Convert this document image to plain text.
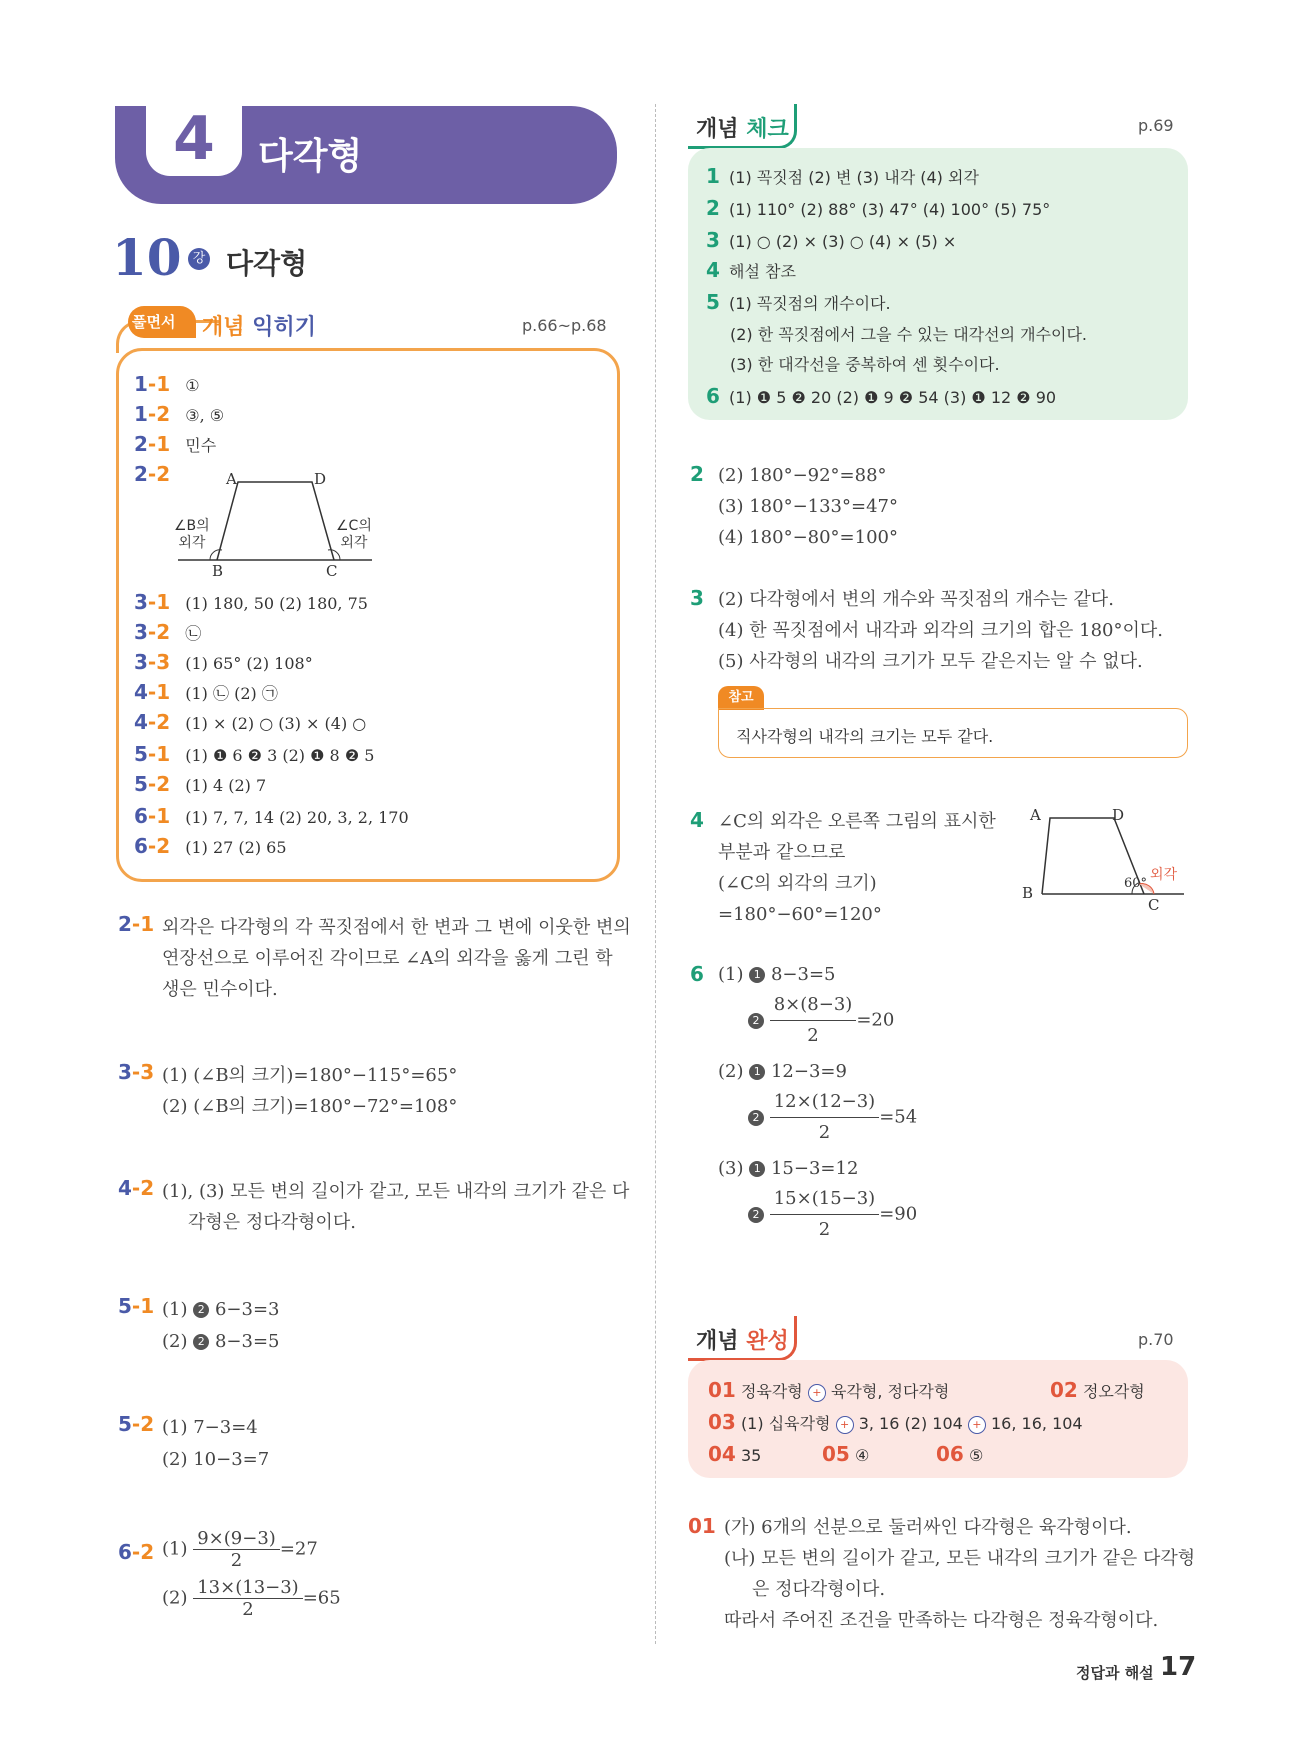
4	다각형
10 강 다각형
풀면서 개념 익히기	p.66~p.68
1-1 ①
1-2 ③, ⑤
2-1 민수
2-2
3-1 (1) 180, 50 (2) 180, 75
3-2 ㉡
3-3 (1) 65° (2) 108°
4-1 (1) ㉡ (2) ㉠
4-2 (1) × (2) ○ (3) × (4) ○
5-1 (1) ❶ 6 ❷ 3 (2) ❶ 8 ❷ 5
5-2 (1) 4 (2) 7
6-1 (1) 7, 7, 14 (2) 20, 3, 2, 170
6-2 (1) 27 (2) 65
A	D
B	C
∠B의
외각
∠C의
외각
2-1 외각은 다각형의 각 꼭짓점에서 한 변과 그 변에 이웃한 변의
연장선으로 이루어진 각이므로 ∠A의 외각을 옳게 그린 학
생은 민수이다.
3-3 (1) (∠B의 크기)=180°−115°=65°
(2) (∠B의 크기)=180°−72°=108°
4-2 (1), (3) 모든 변의 길이가 같고, 모든 내각의 크기가 같은 다
각형은 정다각형이다.
5-1 (1) 2 6−3=3
(2) 2 8−3=5
5-2 (1) 7−3=4
(2) 10−3=7
6-2 $(1) \frac{9\times(9-3)}{2} =27$
$(2) \frac{13\times(13-3)}{2} =65$
개념 체크	p.69
1 (1) 꼭짓점 (2) 변 (3) 내각 (4) 외각
2 (1) 110° (2) 88° (3) 47° (4) 100° (5) 75°
3 (1) ○ (2) × (3) ○ (4) × (5) ×
4 해설 참조
5 (1) 꼭짓점의 개수이다.
(2) 한 꼭짓점에서 그을 수 있는 대각선의 개수이다.
(3) 한 대각선을 중복하여 센 횟수이다.
6 (1) ❶ 5 ❷ 20 (2) ❶ 9 ❷ 54 (3) ❶ 12 ❷ 90
2 (2) 180°−92°=88°
(3) 180°−133°=47°
(4) 180°−80°=100°
3 (2) 다각형에서 변의 개수와 꼭짓점의 개수는 같다.
(4) 한 꼭짓점에서 내각과 외각의 크기의 합은 180°이다.
(5) 사각형의 내각의 크기가 모두 같은지는 알 수 없다.
참고
직사각형의 내각의 크기는 모두 같다.
4 ∠C의 외각은 오른쪽 그림의 표시한
부분과 같으므로
(∠C의 외각의 크기)
=180°−60°=120°
A	D
B
C
60°
외각
6 (1) 1 8−3=5
$2 \frac{8\times(8-3)}{2} =20$
(2) 1 12−3=9
$2 \frac{12\times(12-3)}{2} =54$
(3) 1 15−3=12
$2 \frac{15\times(15-3)}{2} =90$
개념 완성	p.70
01 정육각형 + 육각형, 정다각형	02 정오각형
03 (1) 십육각형 + 3, 16 (2) 104 + 16, 16, 104
04 35	05 ④	06 ⑤
01 (가) 6개의 선분으로 둘러싸인 다각형은 육각형이다.
(나) 모든 변의 길이가 같고, 모든 내각의 크기가 같은 다각형
은 정다각형이다.
따라서 주어진 조건을 만족하는 다각형은 정육각형이다.
정답과 해설 17
